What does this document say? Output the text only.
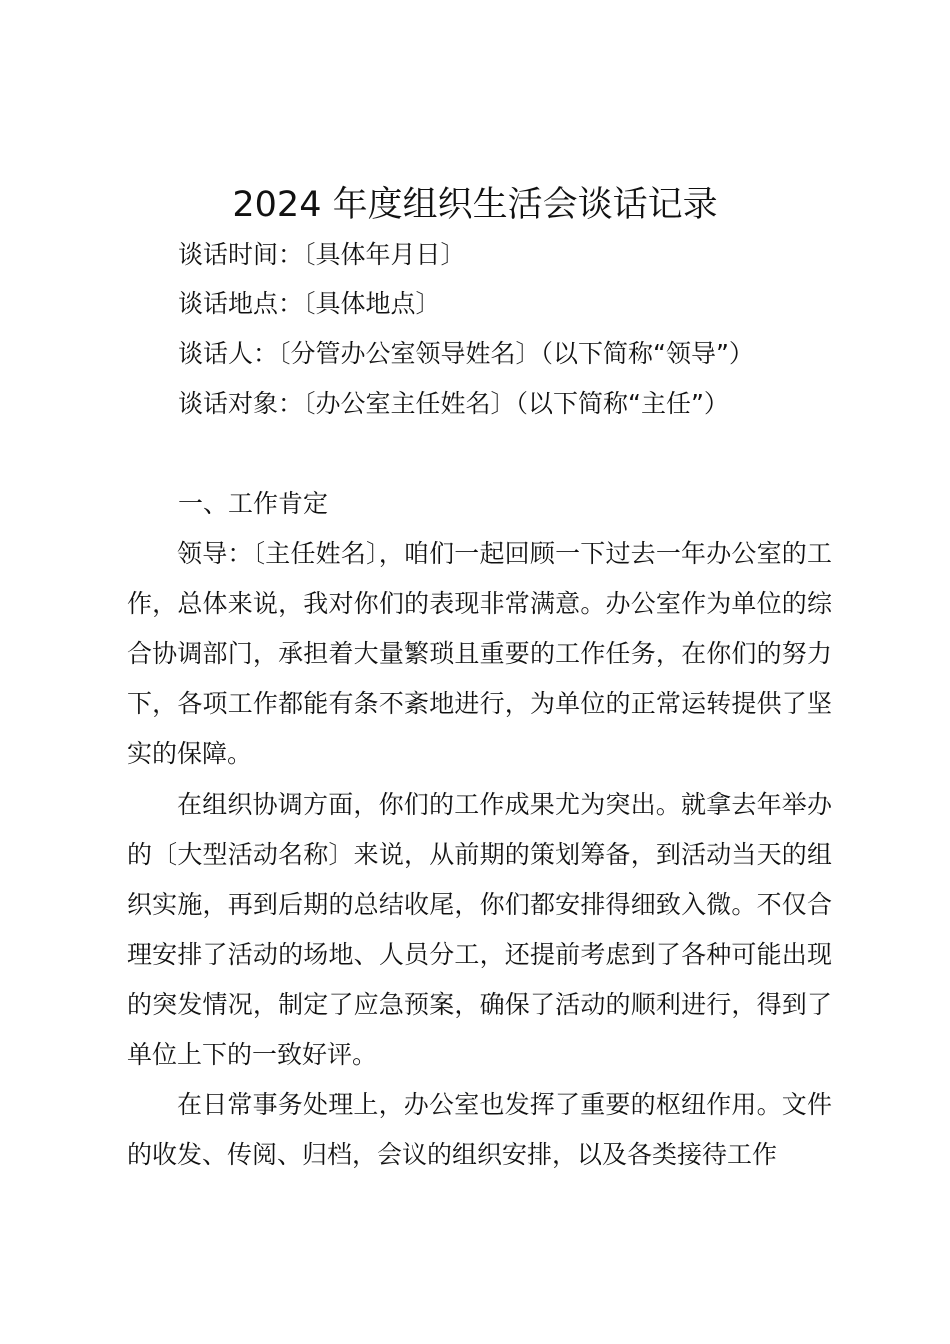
2024 年度组织生活会谈话记录
谈话时间：〔具体年月日〕
谈话地点：〔具体地点〕
谈话人：〔分管办公室领导姓名〕（以下简称“领导”）
谈话对象：〔办公室主任姓名〕（以下简称“主任”）
一、工作肯定

领导：〔主任姓名〕，咱们一起回顾一下过去一年办公室的工作，总体来说，我对你们的表现非常满意。办公室作为单位的综合协调部门，承担着大量繁琐且重要的工作任务，在你们的努力下，各项工作都能有条不紊地进行，为单位的正常运转提供了坚实的保障。

在组织协调方面，你们的工作成果尤为突出。就拿去年举办的〔大型活动名称〕来说，从前期的策划筹备，到活动当天的组织实施，再到后期的总结收尾，你们都安排得细致入微。不仅合理安排了活动的场地、人员分工，还提前考虑到了各种可能出现的突发情况，制定了应急预案，确保了活动的顺利进行，得到了单位上下的一致好评。

在日常事务处理上，办公室也发挥了重要的枢纽作用。文件的收发、传阅、归档，会议的组织安排，以及各类接待工作
